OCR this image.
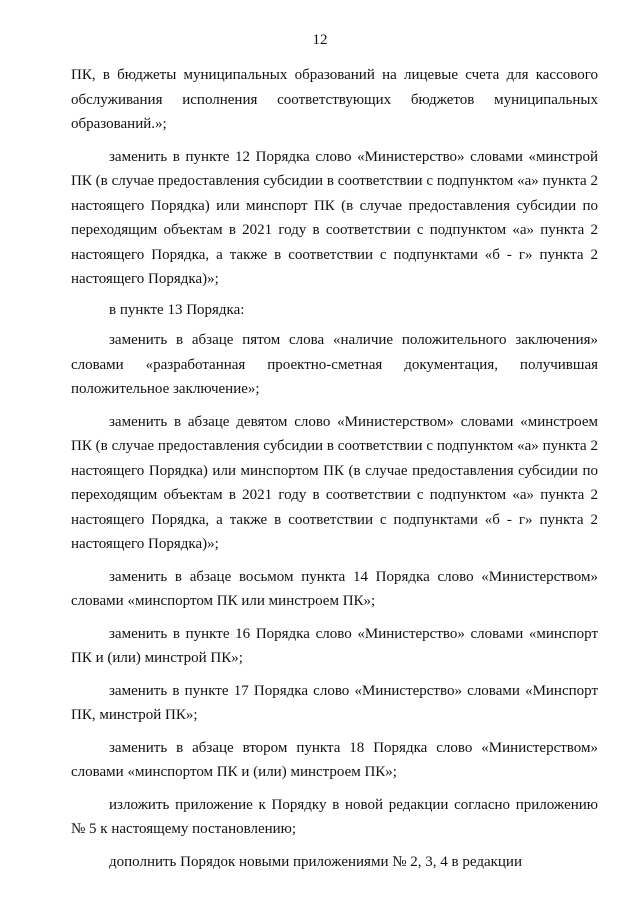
12

ПК, в бюджеты муниципальных образований на лицевые счета для кассового обслуживания исполнения соответствующих бюджетов муниципальных образований.»;

заменить в пункте 12 Порядка слово «Министерство» словами «минстрой ПК (в случае предоставления субсидии в соответствии с подпунктом «а» пункта 2 настоящего Порядка) или минспорт ПК (в случае предоставления субсидии по переходящим объектам в 2021 году в соответствии с подпунктом «а» пункта 2 настоящего Порядка, а также в соответствии с подпунктами «б - г» пункта 2 настоящего Порядка)»;

в пункте 13 Порядка:

заменить в абзаце пятом слова «наличие положительного заключения» словами «разработанная проектно-сметная документация, получившая положительное заключение»;

заменить в абзаце девятом слово «Министерством» словами «минстроем ПК (в случае предоставления субсидии в соответствии с подпунктом «а» пункта 2 настоящего Порядка) или минспортом ПК (в случае предоставления субсидии по переходящим объектам в 2021 году в соответствии с подпунктом «а» пункта 2 настоящего Порядка, а также в соответствии с подпунктами «б - г» пункта 2 настоящего Порядка)»;

заменить в абзаце восьмом пункта 14 Порядка слово «Министерством» словами «минспортом ПК или минстроем ПК»;

заменить в пункте 16 Порядка слово «Министерство» словами «минспорт ПК и (или) минстрой ПК»;

заменить в пункте 17 Порядка слово «Министерство» словами «Минспорт ПК, минстрой ПК»;

заменить в абзаце втором пункта 18 Порядка слово «Министерством» словами «минспортом ПК и (или) минстроем ПК»;

изложить приложение к Порядку в новой редакции согласно приложению № 5 к настоящему постановлению;

дополнить Порядок новыми приложениями № 2, 3, 4 в редакции
